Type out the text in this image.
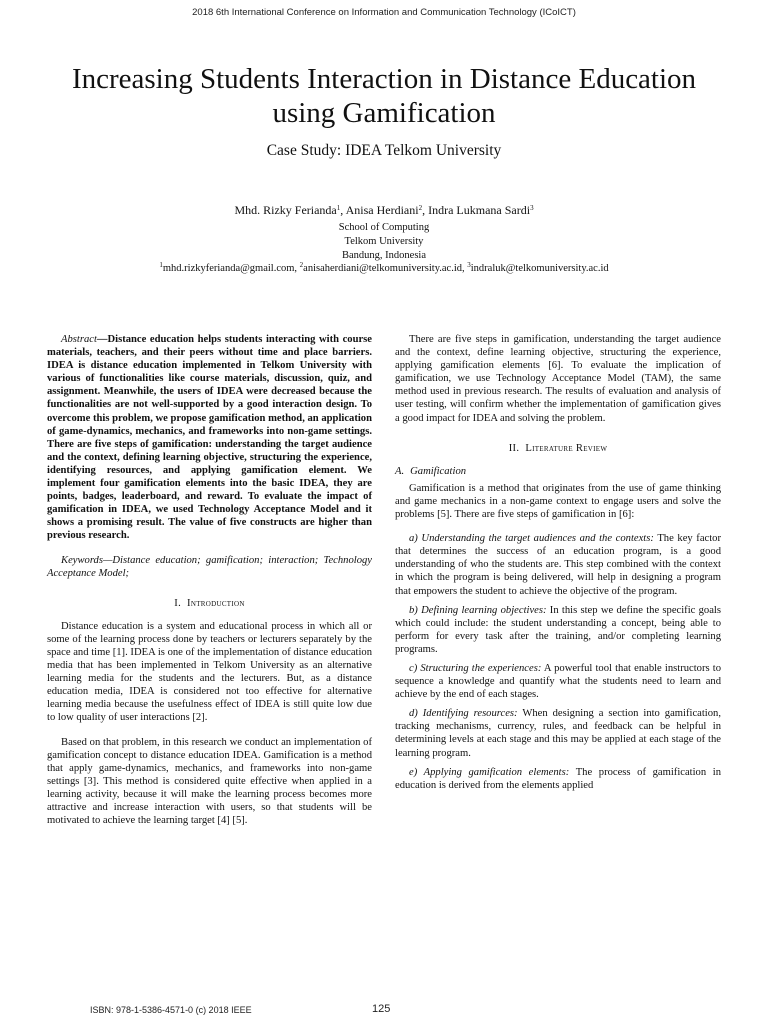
2018 6th International Conference on Information and Communication Technology (ICoICT)
Increasing Students Interaction in Distance Education
using Gamification
Case Study: IDEA Telkom University
Mhd. Rizky Ferianda$^1$, Anisa Herdiani$^2$, Indra Lukmana Sardi$^3$
School of Computing
Telkom University
Bandung, Indonesia
$^1$mhd.rizkyferianda@gmail.com, $^2$anisaherdiani@telkomuniversity.ac.id, $^3$indraluk@telkomuniversity.ac.id

Abstract—Distance education helps students interacting with course materials, teachers, and their peers without time and place barriers. IDEA is distance education implemented in Telkom University with various of functionalities like course materials, discussion, quiz, and assignment. Meanwhile, the users of IDEA were decreased because the functionalities are not well-supported by a good interaction design. To overcome this problem, we propose gamification method, an application of game-dynamics, mechanics, and frameworks into non-game settings. There are five steps of gamification: understanding the target audience and the context, defining learning objective, structuring the experience, identifying resources, and applying gamification element. We implement four gamification elements into the basic IDEA, they are points, badges, leaderboard, and reward. To evaluate the impact of gamification in IDEA, we used Technology Acceptance Model and it shows a promising result. The value of five constructs are higher than previous research.

Keywords—Distance education; gamification; interaction; Technology Acceptance Model;

I. Introduction

Distance education is a system and educational process in which all or some of the learning process done by teachers or lecturers separately by the space and time [1]. IDEA is one of the implementation of distance education media that has been implemented in Telkom University as an alternative learning media for the students and the lecturers. But, as a distance education media, IDEA is considered not too effective for alternative learning media because the usefulness effect of IDEA is still quite low due to low quality of user interactions [2].

Based on that problem, in this research we conduct an implementation of gamification concept to distance education IDEA. Gamification is a method that apply game-dynamics, mechanics, and frameworks into non-game settings [3]. This method is considered quite effective when applied in a learning activity, because it will make the learning process becomes more attractive and increase interaction with users, so that students will be motivated to achieve the learning target [4] [5].

There are five steps in gamification, understanding the target audience and the context, define learning objective, structuring the experience, applying gamification elements [6]. To evaluate the implication of gamification, we use Technology Acceptance Model (TAM), the same method used in previous research. The results of evaluation and analysis of user testing, will confirm whether the implementation of gamification gives a good impact for IDEA and solving the problem.

II. Literature Review
A. Gamification

Gamification is a method that originates from the use of game thinking and game mechanics in a non-game context to engage users and solve the problems [5]. There are five steps of gamification in [6]:

a) Understanding the target audiences and the contexts: The key factor that determines the success of an education program, is a good understanding of who the students are. This step combined with the context in which the program is being delivered, will help in designing a program that empowers the student to achieve the objective of the program.

b) Defining learning objectives: In this step we define the specific goals which could include: the student understanding a concept, being able to perform for every task after the training, and/or completing learning programs.

c) Structuring the experiences: A powerful tool that enable instructors to sequence a knowledge and quantify what the students need to learn and achieve by the end of each stages.

d) Identifying resources: When designing a section into gamification, tracking mechanisms, currency, rules, and feedback can be helpful in determining levels at each stage and this may be applied at each stage of the learning program.

e) Applying gamification elements: The process of gamification in education is derived from the elements applied

ISBN: 978-1-5386-4571-0 (c) 2018 IEEE	125
